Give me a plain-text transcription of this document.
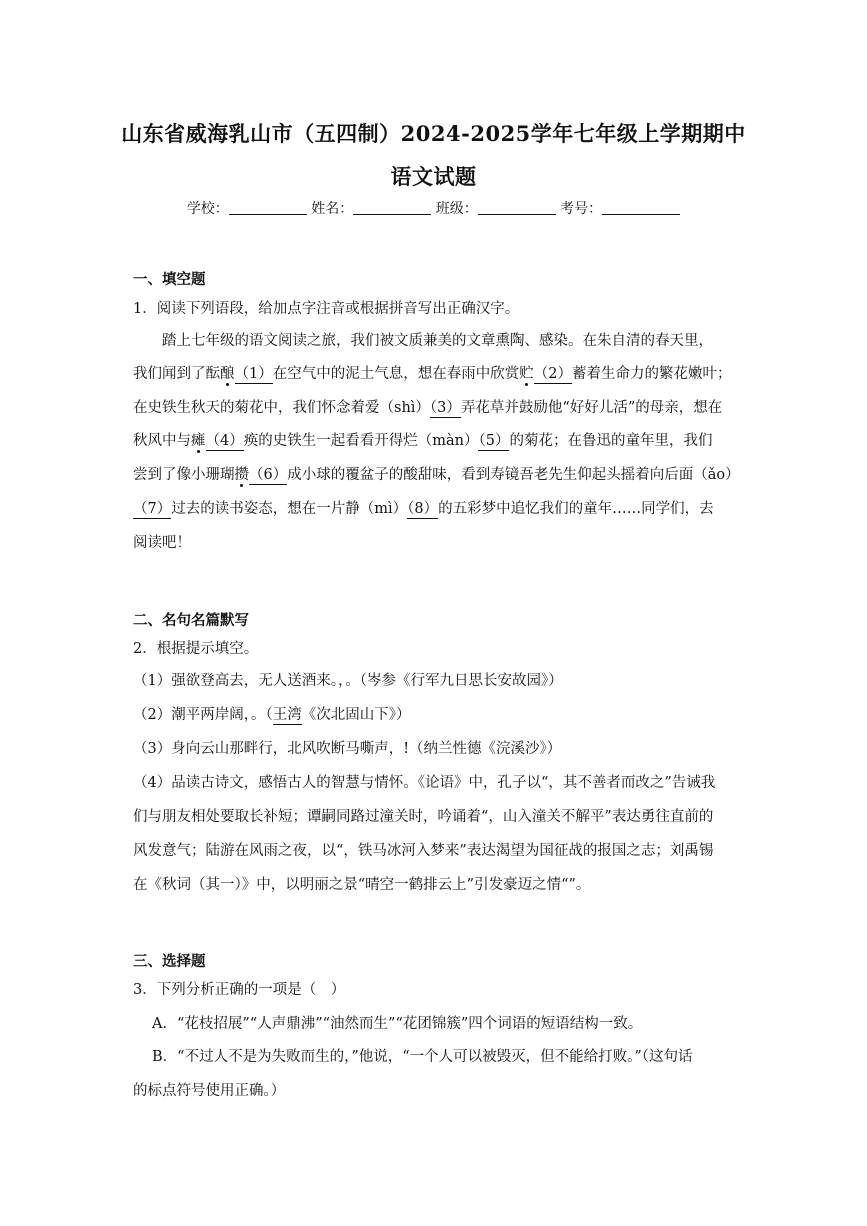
山东省威海乳山市（五四制）2024-2025学年七年级上学期期中
语文试题
学校：	姓名：	班级：	考号：
一、填空题
1．阅读下列语段，给加点字注音或根据拼音写出正确汉字。
踏上七年级的语文阅读之旅，我们被文质兼美的文章熏陶、感染。在朱自清的春天里，
我们闻到了酝酿（1）在空气中的泥土气息，想在春雨中欣赏贮（2）蓄着生命力的繁花嫩叶；
在史铁生秋天的菊花中，我们怀念着爱（shì）（3）弄花草并鼓励他“好好儿活”的母亲，想在
秋风中与瘫（4）痪的史铁生一起看看开得烂（màn）（5）的菊花；在鲁迅的童年里，我们
尝到了像小珊瑚攒（6）成小球的覆盆子的酸甜味，看到寿镜吾老先生仰起头摇着向后面（ǎo）
（7）过去的读书姿态，想在一片静（mì）（8）的五彩梦中追忆我们的童年……同学们，去
阅读吧！
二、名句名篇默写
2．根据提示填空。
（1）强欲登高去，无人送酒来。，。（岑参《行军九日思长安故园》）
（2）潮平两岸阔，。（王湾《次北固山下》）
（3）身向云山那畔行，北风吹断马嘶声，!（纳兰性德《浣溪沙》）
（4）品读古诗文，感悟古人的智慧与情怀。《论语》中，孔子以“，其不善者而改之”告诫我
们与朋友相处要取长补短；谭嗣同路过潼关时，吟诵着“，山入潼关不解平”表达勇往直前的
风发意气；陆游在风雨之夜，以“，铁马冰河入梦来”表达渴望为国征战的报国之志；刘禹锡
在《秋词（其一）》中，以明丽之景“晴空一鹤排云上”引发豪迈之情“”。
三、选择题
3．下列分析正确的一项是（　）
A．“花枝招展”“人声鼎沸”“油然而生”“花团锦簇”四个词语的短语结构一致。
B．“不过人不是为失败而生的，”他说，“一个人可以被毁灭，但不能给打败。”（这句话
的标点符号使用正确。）
